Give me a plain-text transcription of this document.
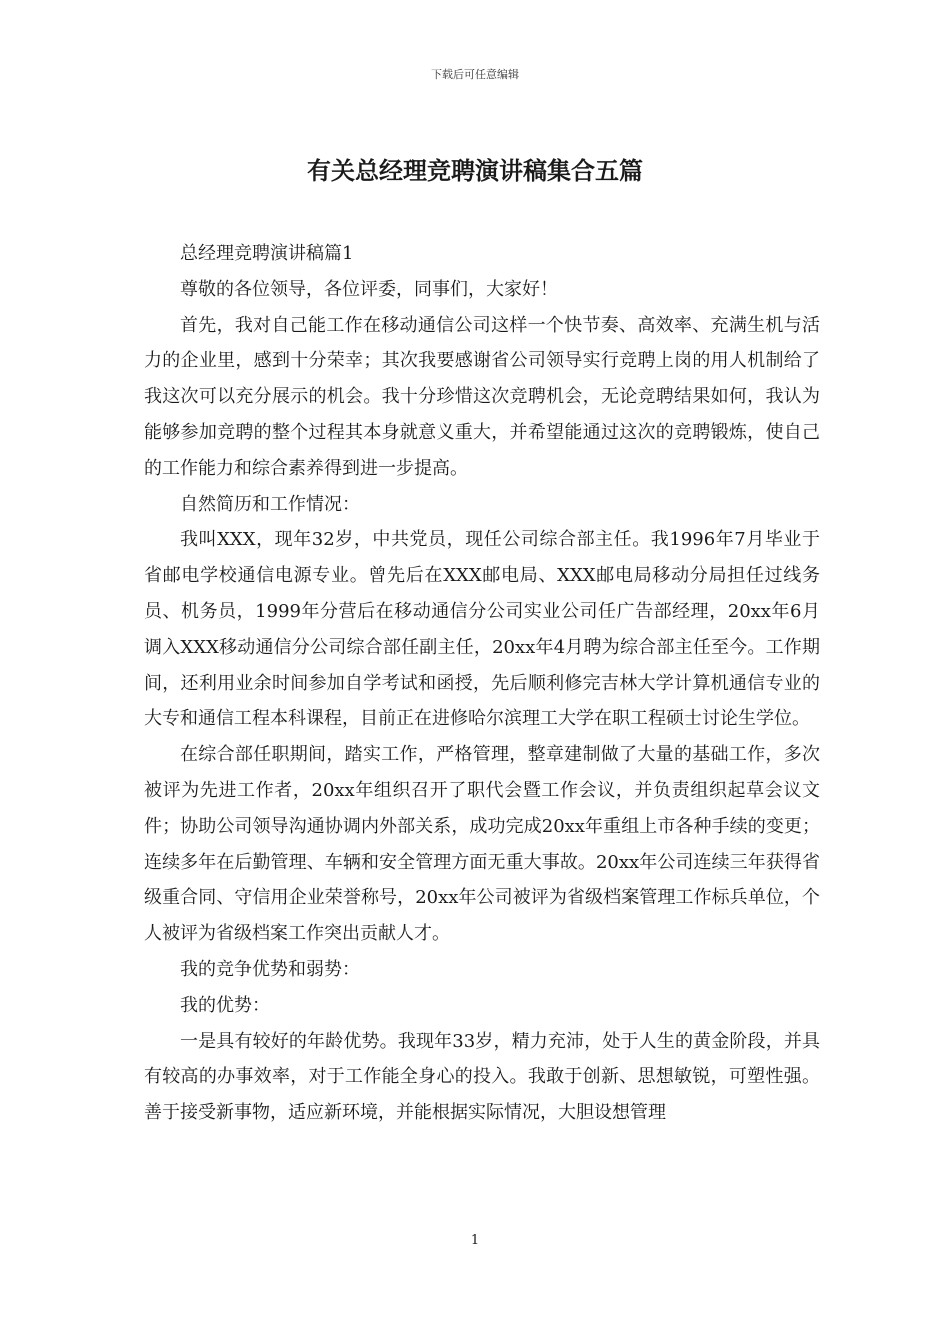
下载后可任意编辑
有关总经理竞聘演讲稿集合五篇

总经理竞聘演讲稿篇1

尊敬的各位领导，各位评委，同事们，大家好！

首先，我对自己能工作在移动通信公司这样一个快节奏、高效率、充满生机与活力的企业里，感到十分荣幸；其次我要感谢省公司领导实行竞聘上岗的用人机制给了我这次可以充分展示的机会。我十分珍惜这次竞聘机会，无论竞聘结果如何，我认为能够参加竞聘的整个过程其本身就意义重大，并希望能通过这次的竞聘锻炼，使自己的工作能力和综合素养得到进一步提高。

自然简历和工作情况：

我叫XXX，现年32岁，中共党员，现任公司综合部主任。我1996年7月毕业于省邮电学校通信电源专业。曾先后在XXX邮电局、XXX邮电局移动分局担任过线务员、机务员，1999年分营后在移动通信分公司实业公司任广告部经理，20xx年6月调入XXX移动通信分公司综合部任副主任，20xx年4月聘为综合部主任至今。工作期间，还利用业余时间参加自学考试和函授，先后顺利修完吉林大学计算机通信专业的大专和通信工程本科课程，目前正在进修哈尔滨理工大学在职工程硕士讨论生学位。

在综合部任职期间，踏实工作，严格管理，整章建制做了大量的基础工作，多次被评为先进工作者，20xx年组织召开了职代会暨工作会议，并负责组织起草会议文件；协助公司领导沟通协调内外部关系，成功完成20xx年重组上市各种手续的变更；连续多年在后勤管理、车辆和安全管理方面无重大事故。20xx年公司连续三年获得省级重合同、守信用企业荣誉称号，20xx年公司被评为省级档案管理工作标兵单位，个人被评为省级档案工作突出贡献人才。

我的竞争优势和弱势：

我的优势：

一是具有较好的年龄优势。我现年33岁，精力充沛，处于人生的黄金阶段，并具有较高的办事效率，对于工作能全身心的投入。我敢于创新、思想敏锐，可塑性强。善于接受新事物，适应新环境，并能根据实际情况，大胆设想管理

1
